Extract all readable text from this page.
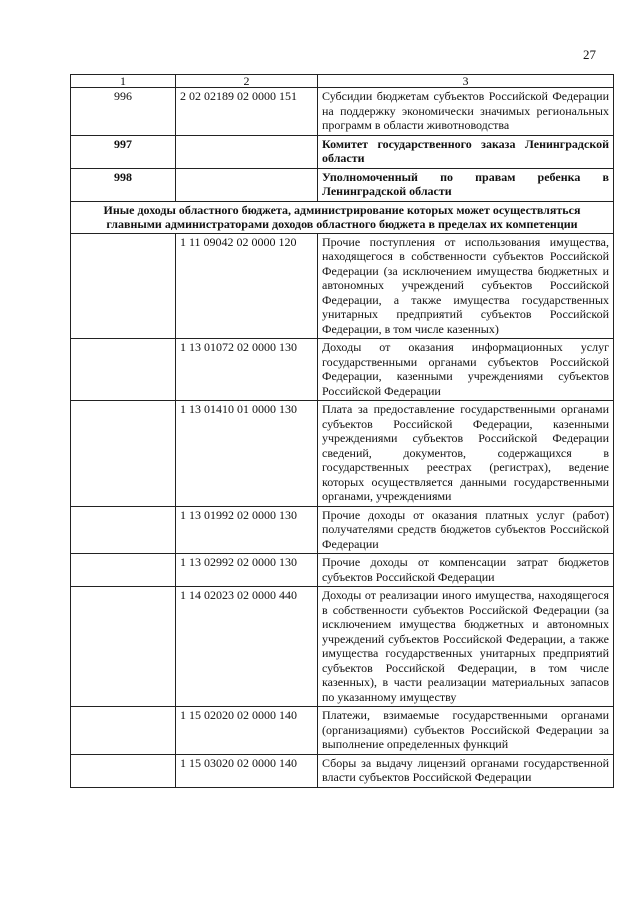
27
1	2	3
996	2 02 02189 02 0000 151	Субсидии бюджетам субъектов Российской Федерации на поддержку экономически значимых региональных программ в области животноводства
997		Комитет государственного заказа Ленинградской области
998		Уполномоченный по правам ребенка в Ленинградской области
Иные доходы областного бюджета, администрирование которых может осуществляться главными администраторами доходов областного бюджета в пределах их компетенции		
	1 11 09042 02 0000 120	Прочие поступления от использования имущества, находящегося в собственности субъектов Российской Федерации (за исключением имущества бюджетных и автономных учреждений субъектов Российской Федерации, а также имущества государственных унитарных предприятий субъектов Российской Федерации, в том числе казенных)
	1 13 01072 02 0000 130	Доходы от оказания информационных услуг государственными органами субъектов Российской Федерации, казенными учреждениями субъектов Российской Федерации
	1 13 01410 01 0000 130	Плата за предоставление государственными органами субъектов Российской Федерации, казенными учреждениями субъектов Российской Федерации сведений, документов, содержащихся в государственных реестрах (регистрах), ведение которых осуществляется данными государственными органами, учреждениями
	1 13 01992 02 0000 130	Прочие доходы от оказания платных услуг (работ) получателями средств бюджетов субъектов Российской Федерации
	1 13 02992 02 0000 130	Прочие доходы от компенсации затрат бюджетов субъектов Российской Федерации
	1 14 02023 02 0000 440	Доходы от реализации иного имущества, находящегося в собственности субъектов Российской Федерации (за исключением имущества бюджетных и автономных учреждений субъектов Российской Федерации, а также имущества государственных унитарных предприятий субъектов Российской Федерации, в том числе казенных), в части реализации материальных запасов по указанному имуществу
	1 15 02020 02 0000 140	Платежи, взимаемые государственными органами (организациями) субъектов Российской Федерации за выполнение определенных функций
	1 15 03020 02 0000 140	Сборы за выдачу лицензий органами государственной власти субъектов Российской Федерации
